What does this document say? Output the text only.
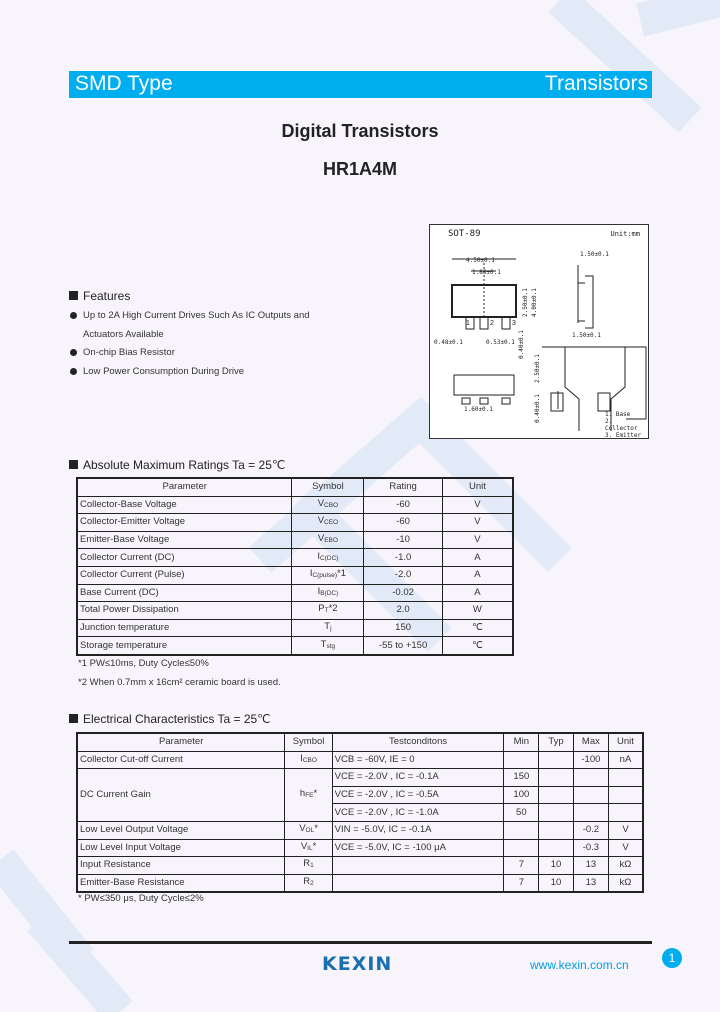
SMD Type	Transistors
Digital Transistors
HR1A4M
SOT-89	Unit:mm
4.50±0.1
1.80±0.1
2.50±0.1 4.00±0.1
1	2	3
0.48±0.1	0.53±0.1 0.40±0.1
1.50±0.1
1.50±0.1
2.50±0.1
0.40±0.1
1.60±0.1
1. Base
2. Collector
3. Emitter
Features
Up to 2A High Current Drives Such As IC Outputs and
Actuators Available
On-chip Bias Resistor
Low Power Consumption During Drive
Absolute Maximum Ratings Ta = 25℃
Parameter	Symbol	Rating	Unit
Collector-Base Voltage	$V_{CBO}$	-60	V
Collector-Emitter Voltage	$V_{CEO}$	-60	V
Emitter-Base Voltage	$V_{EBO}$	-10	V
Collector Current (DC)	$I_{C(DC)}$	-1.0	A
Collector Current (Pulse)	$I_{C(pulse)}*1$	-2.0	A
Base Current (DC)	$I_{B(DC)}$	-0.02	A
Total Power Dissipation	$P_T*2$	2.0	W
Junction temperature	$T_j$	150	℃
Storage temperature	$T_{stg}$	-55 to +150	℃
*1 PW≤10ms, Duty Cycle≤50%
*2 When 0.7mm x 16cm² ceramic board is used.
Electrical Characteristics Ta = 25℃
Parameter	Symbol	Testconditons	Min	Typ	Max	Unit
Collector Cut-off Current	$I_{CBO}$	VCB = -60V, IE = 0			-100	nA
DC Current Gain	$h_{FE}*$	VCE = -2.0V , IC = -0.1A	150			
		VCE = -2.0V , IC = -0.5A	100			
		VCE = -2.0V , IC = -1.0A	50			
Low Level Output Voltage	$V_{OL}*$	VIN = -5.0V, IC = -0.1A			-0.2	V
Low Level Input Voltage	$V_{IL}*$	VCE = -5.0V, IC = -100 μA			-0.3	V
Input Resistance	$R_1$		7	10	13	kΩ
Emitter-Base Resistance	$R_2$		7	10	13	kΩ
* PW≤350 μs, Duty Cycle≤2%
KEXIN	www.kexin.com.cn	1
